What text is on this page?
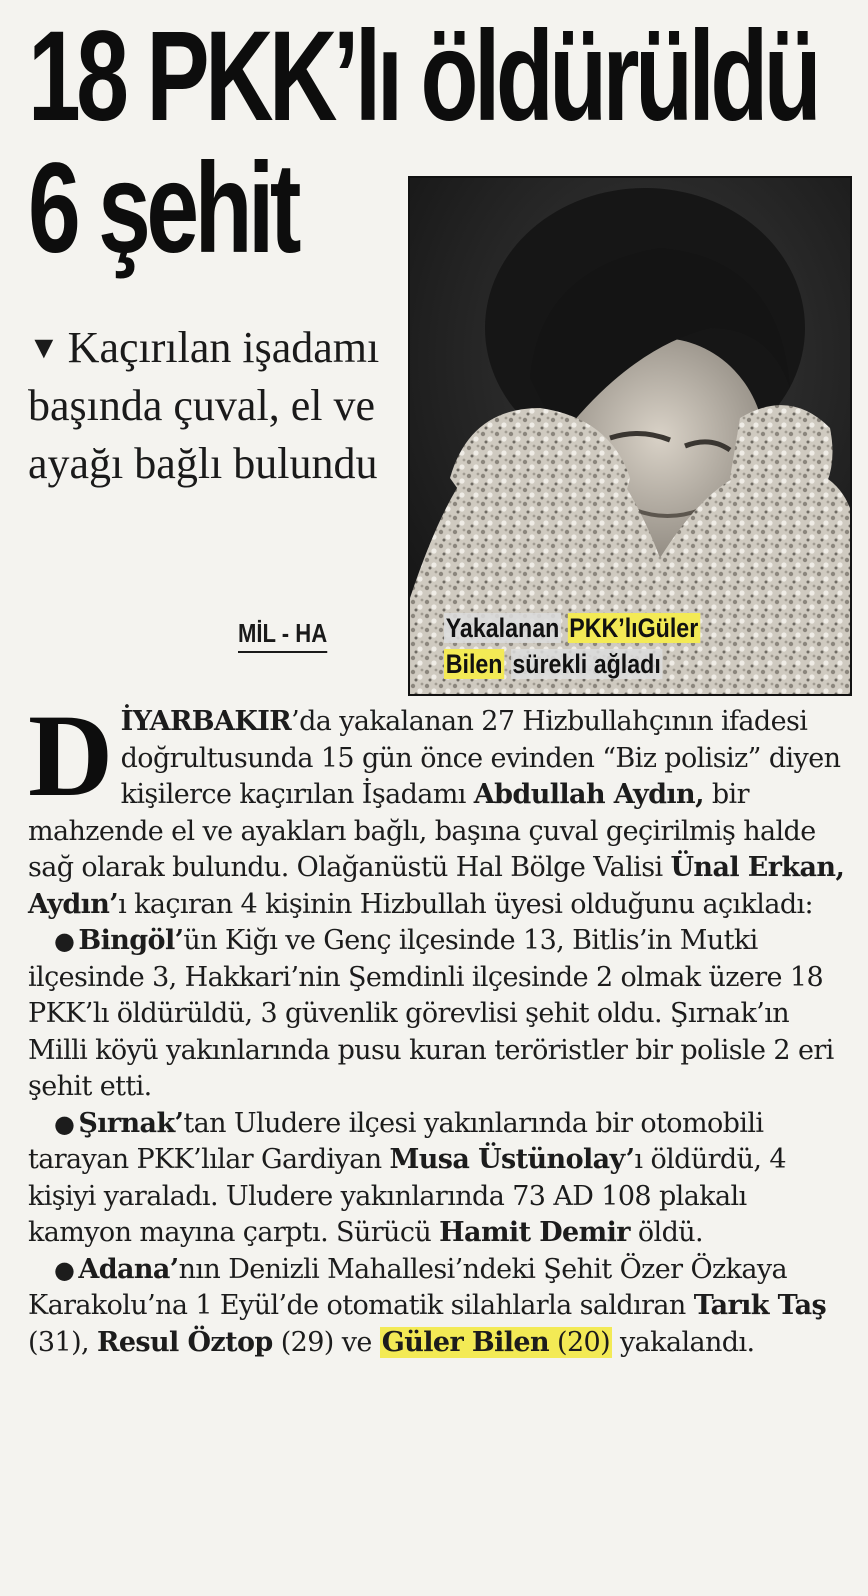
18 PKK’lı öldürüldü
6 şehit
▼ Kaçırılan işadamı başında çuval, el ve ayağı bağlı bulundu
MİL - HA	Yakalanan PKK’lıGüler
Bilen sürekli ağladı
D İYARBAKIR’da yakalanan 27 Hizbullahçının ifadesi doğrultusunda 15 gün önce evinden “Biz polisiz” diyen kişilerce kaçırılan İşadamı Abdullah Aydın, bir mahzende el ve ayakları bağlı, başına çuval geçirilmiş halde sağ olarak bulundu. Olağanüstü Hal Bölge Valisi Ünal Erkan, Aydın’ı kaçıran 4 kişinin Hizbullah üyesi olduğunu açıkladı:

● Bingöl’ün Kiğı ve Genç ilçesinde 13, Bitlis’in Mutki ilçesinde 3, Hakkari’nin Şemdinli ilçesinde 2 olmak üzere 18 PKK’lı öldürüldü, 3 güvenlik görevlisi şehit oldu. Şırnak’ın Milli köyü yakınlarında pusu kuran teröristler bir polisle 2 eri şehit etti.

● Şırnak’tan Uludere ilçesi yakınlarında bir otomobili tarayan PKK’lılar Gardiyan Musa Üstünolay’ı öldürdü, 4 kişiyi yaraladı. Uludere yakınlarında 73 AD 108 plakalı kamyon mayına çarptı. Sürücü Hamit Demir öldü.

● Adana’nın Denizli Mahallesi’ndeki Şehit Özer Özkaya Karakolu’na 1 Eyül’de otomatik silahlarla saldıran Tarık Taş (31), Resul Öztop (29) ve Güler Bilen (20) yakalandı.
